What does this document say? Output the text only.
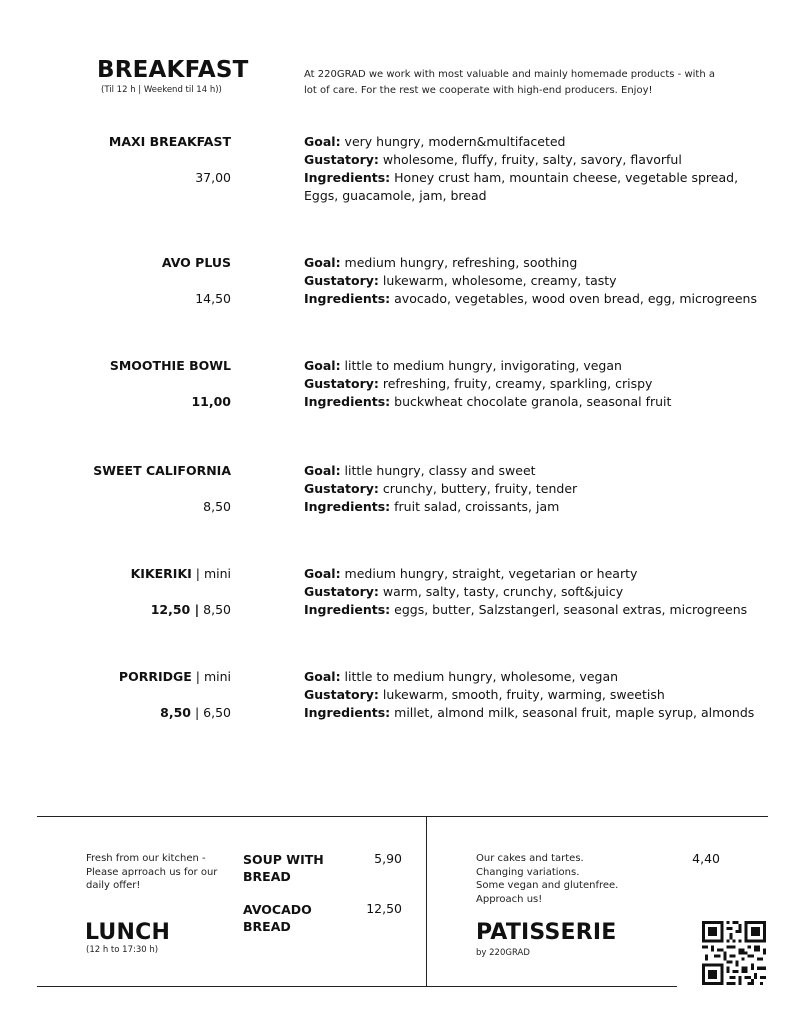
BREAKFAST
(Til 12 h | Weekend til 14 h))
At 220GRAD we work with most valuable and mainly homemade products - with a
lot of care. For the rest we cooperate with high-end producers. Enjoy!
MAXI BREAKFAST
37,00
Goal: very hungry, modern&multifaceted
Gustatory: wholesome, fluffy, fruity, salty, savory, flavorful
Ingredients: Honey crust ham, mountain cheese, vegetable spread,
Eggs, guacamole, jam, bread
AVO PLUS
14,50
Goal: medium hungry, refreshing, soothing
Gustatory: lukewarm, wholesome, creamy, tasty
Ingredients: avocado, vegetables, wood oven bread, egg, microgreens
SMOOTHIE BOWL
11,00
Goal: little to medium hungry, invigorating, vegan
Gustatory: refreshing, fruity, creamy, sparkling, crispy
Ingredients: buckwheat chocolate granola, seasonal fruit
SWEET CALIFORNIA
8,50
Goal: little hungry, classy and sweet
Gustatory: crunchy, buttery, fruity, tender
Ingredients: fruit salad, croissants, jam
KIKERIKI | mini
12,50 | 8,50
Goal: medium hungry, straight, vegetarian or hearty
Gustatory: warm, salty, tasty, crunchy, soft&juicy
Ingredients: eggs, butter, Salzstangerl, seasonal extras, microgreens
PORRIDGE | mini
8,50 | 6,50
Goal: little to medium hungry, wholesome, vegan
Gustatory: lukewarm, smooth, fruity, warming, sweetish
Ingredients: millet, almond milk, seasonal fruit, maple syrup, almonds
Fresh from our kitchen -
Please aprroach us for our
daily offer!
LUNCH
(12 h to 17:30 h)
SOUP WITH
BREAD
5,90
AVOCADO
BREAD
12,50
Our cakes and tartes.
Changing variations.
Some vegan and glutenfree.
Approach us!
4,40
PATISSERIE
by 220GRAD
